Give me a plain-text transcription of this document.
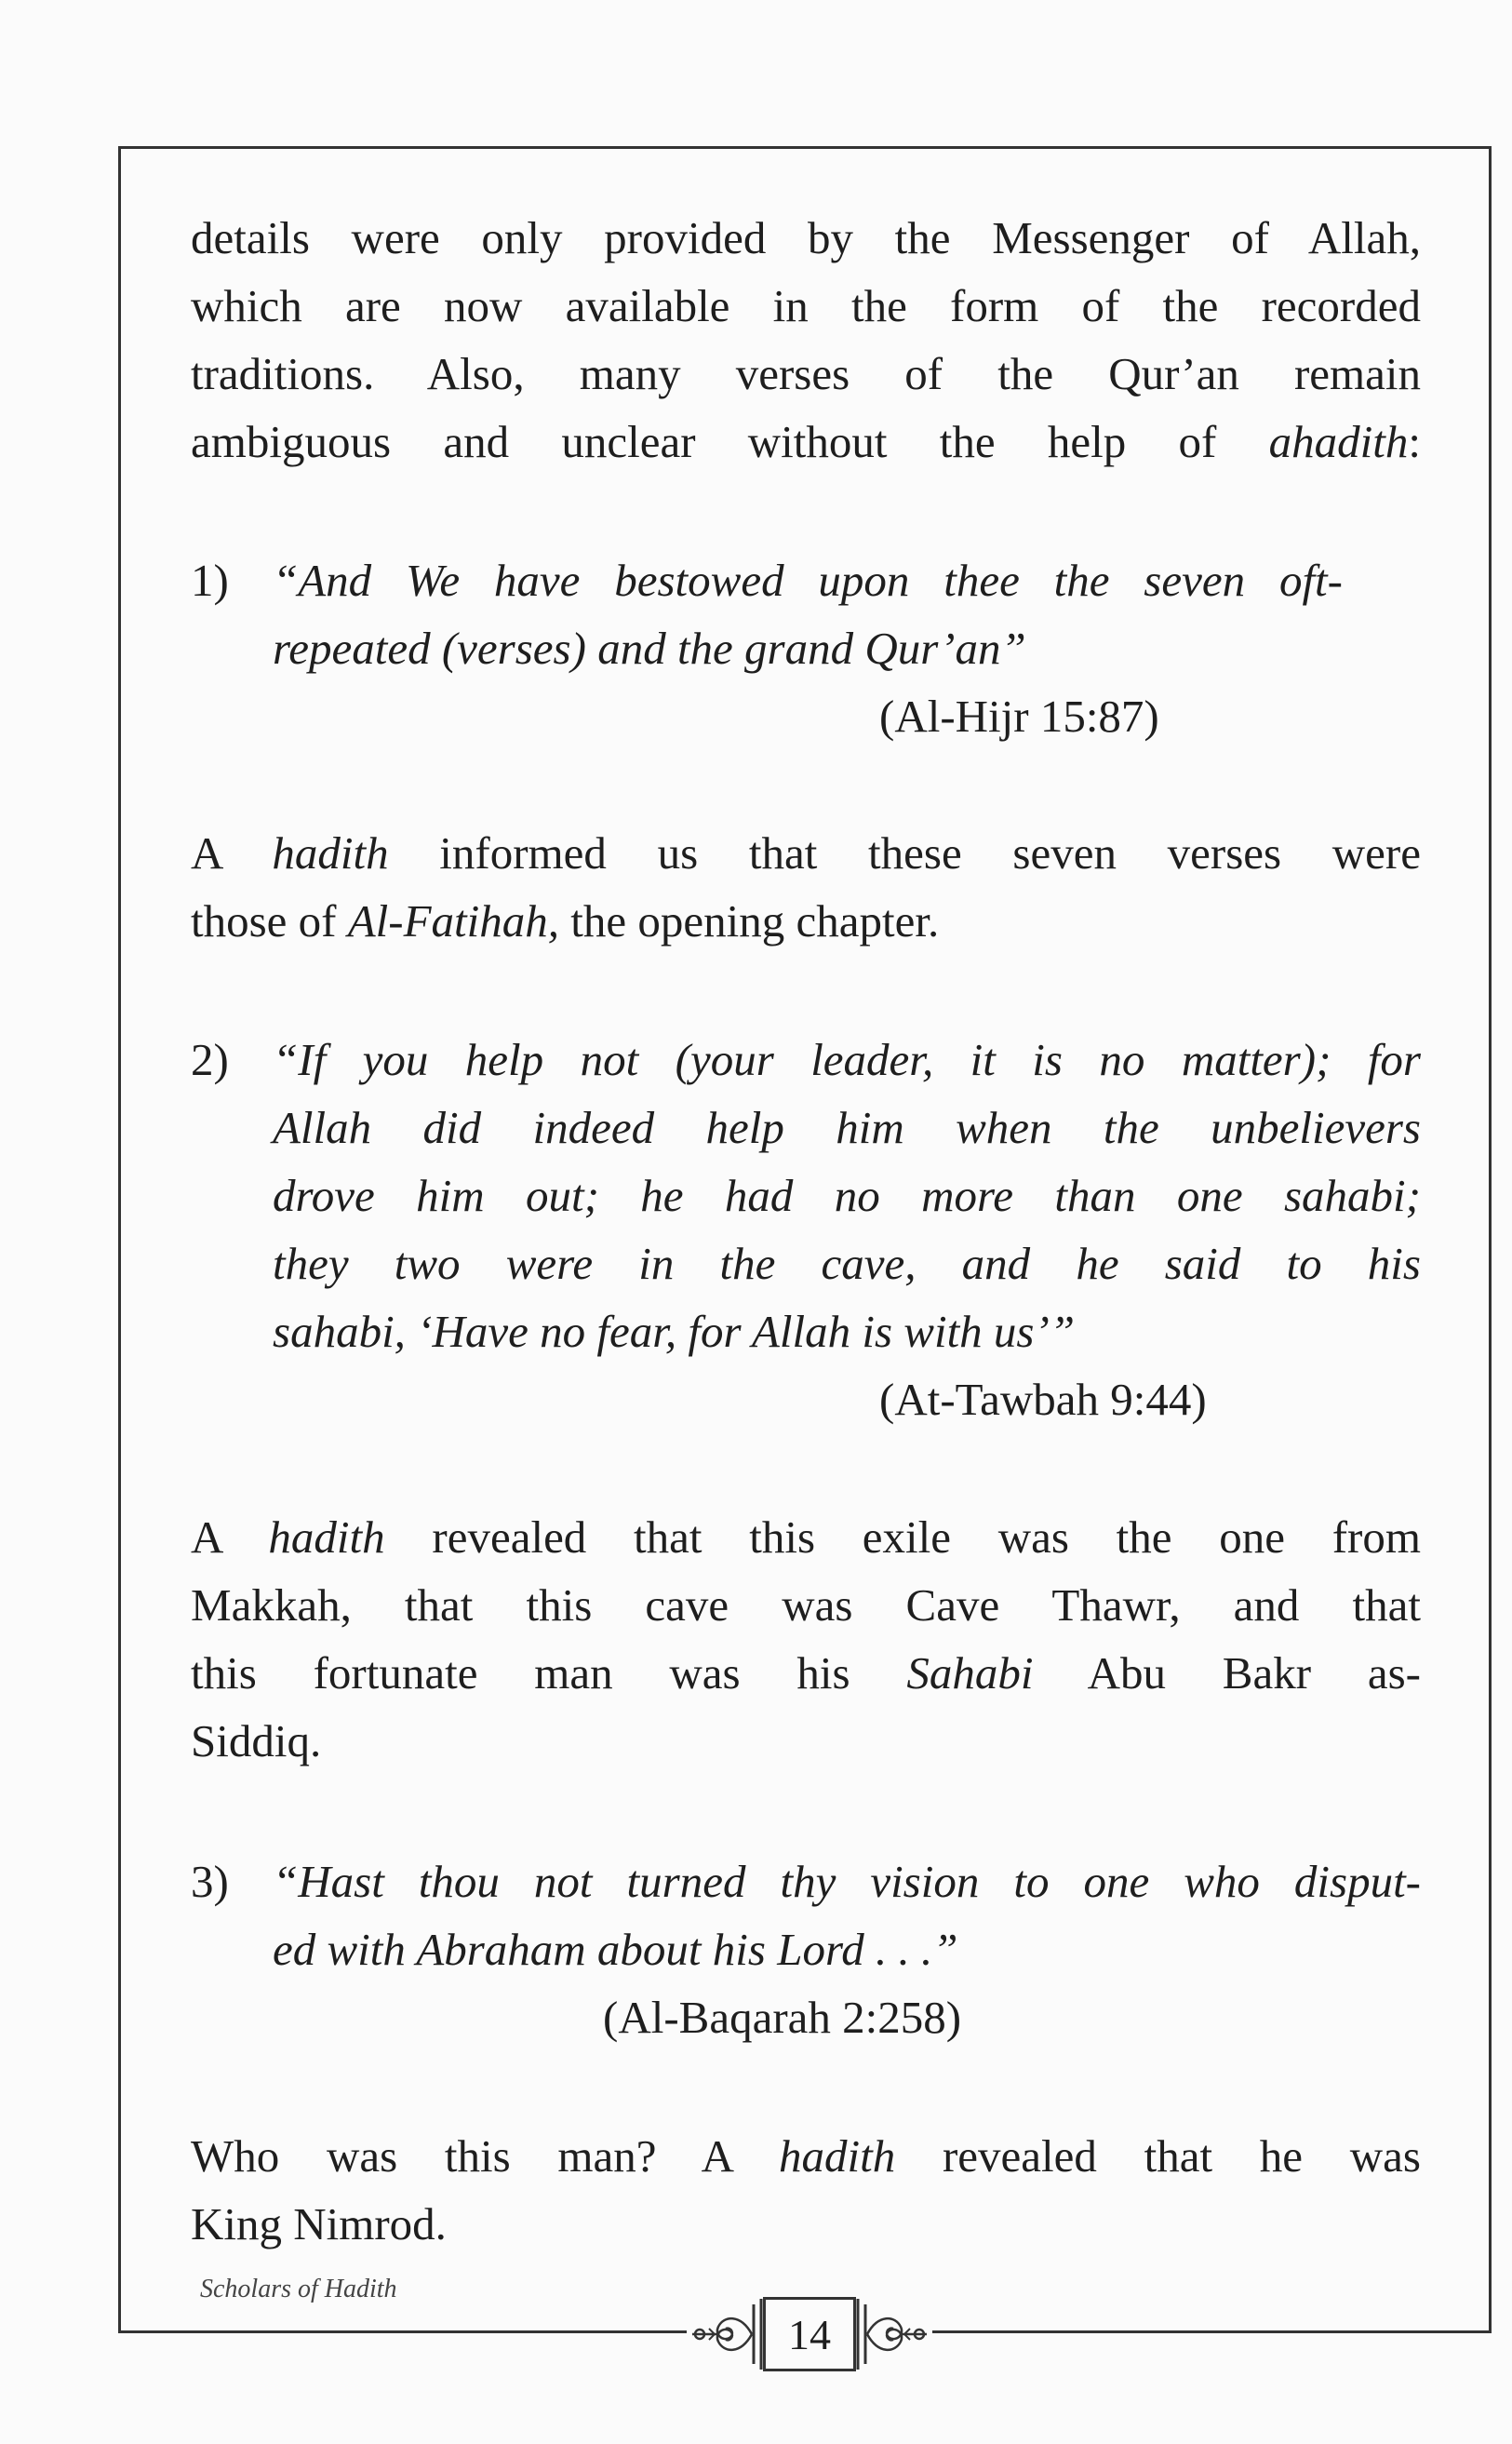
details were only provided by the Messenger of Allah,
which are now available in the form of the recorded
traditions. Also, many verses of the Qur’an remain
ambiguous and unclear without the help of ahadith:
1) “And We have bestowed upon thee the seven oft-
repeated (verses) and the grand Qur’an”
(Al-Hijr 15:87)
A hadith informed us that these seven verses were
those of Al-Fatihah, the opening chapter.
2) “If you help not (your leader, it is no matter); for
Allah did indeed help him when the unbelievers
drove him out; he had no more than one sahabi;
they two were in the cave, and he said to his
sahabi, ‘Have no fear, for Allah is with us’”
(At-Tawbah 9:44)
A hadith revealed that this exile was the one from
Makkah, that this cave was Cave Thawr, and that
this fortunate man was his Sahabi Abu Bakr as-
Siddiq.
3) “Hast thou not turned thy vision to one who disput-
ed with Abraham about his Lord . . .”
(Al-Baqarah 2:258)
Who was this man? A hadith revealed that he was
King Nimrod.
Scholars of Hadith
14
